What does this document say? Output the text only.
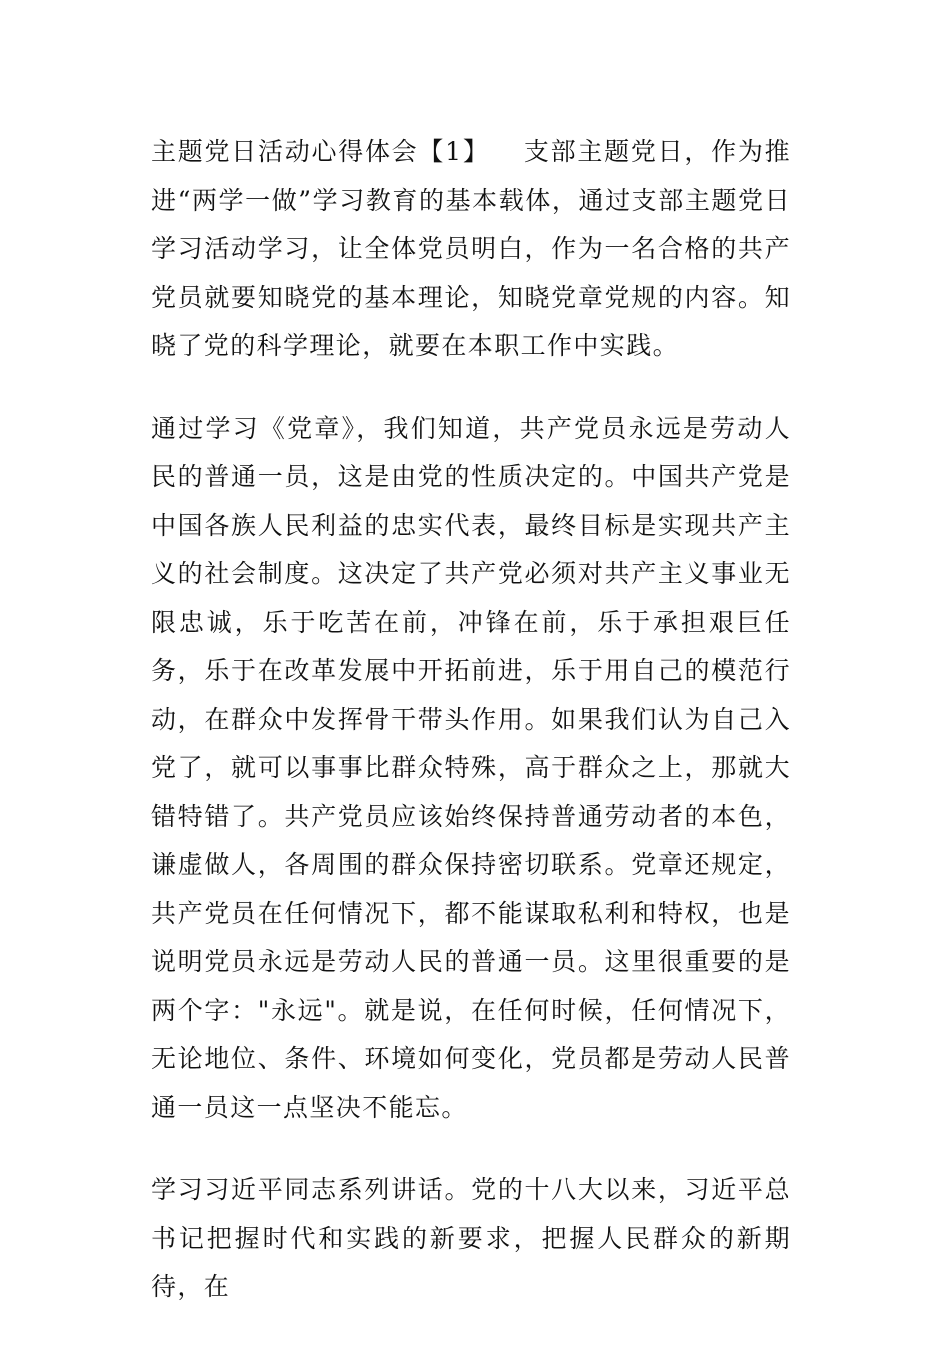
主题党日活动心得体会【1】 支部主题党日，作为推进“两学一做”学习教育的基本载体，通过支部主题党日学习活动学习，让全体党员明白，作为一名合格的共产党员就要知晓党的基本理论，知晓党章党规的内容。知晓了党的科学理论，就要在本职工作中实践。

通过学习《党章》，我们知道，共产党员永远是劳动人民的普通一员，这是由党的性质决定的。中国共产党是中国各族人民利益的忠实代表，最终目标是实现共产主义的社会制度。这决定了共产党必须对共产主义事业无限忠诚，乐于吃苦在前，冲锋在前，乐于承担艰巨任务，乐于在改革发展中开拓前进，乐于用自己的模范行动，在群众中发挥骨干带头作用。如果我们认为自己入党了，就可以事事比群众特殊，高于群众之上，那就大错特错了。共产党员应该始终保持普通劳动者的本色，谦虚做人，各周围的群众保持密切联系。党章还规定，共产党员在任何情况下，都不能谋取私利和特权，也是说明党员永远是劳动人民的普通一员。这里很重要的是两个字："永远"。就是说，在任何时候，任何情况下，无论地位、条件、环境如何变化，党员都是劳动人民普通一员这一点坚决不能忘。

学习习近平同志系列讲话。党的十八大以来，习近平总书记把握时代和实践的新要求，把握人民群众的新期待，在
